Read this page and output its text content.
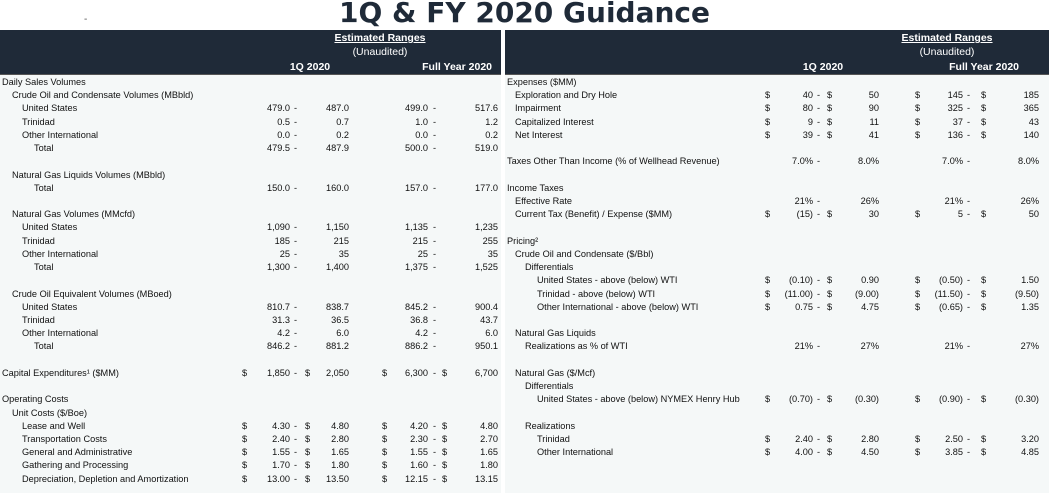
1Q & FY 2020 Guidance
-
Estimated Ranges
(Unaudited)
1Q 2020	Full Year 2020
Daily Sales Volumes
Crude Oil and Condensate Volumes (MBbld)
United States	479.0 -	487.0	499.0 -	517.6
Trinidad	0.5 -	0.7	1.0 -	1.2
Other International	0.0 -	0.2	0.0 -	0.2
Total	479.5 -	487.9	500.0 -	519.0
Natural Gas Liquids Volumes (MBbld)
Total	150.0 -	160.0	157.0 -	177.0
Natural Gas Volumes (MMcfd)
United States	1,090 -	1,150	1,135 -	1,235
Trinidad	185 -	215	215 -	255
Other International	25 -	35	25 -	35
Total	1,300 -	1,400	1,375 -	1,525
Crude Oil Equivalent Volumes (MBoed)
United States	810.7 -	838.7	845.2 -	900.4
Trinidad	31.3 -	36.5	36.8 -	43.7
Other International	4.2 -	6.0	4.2 -	6.0
Total	846.2 -	881.2	886.2 -	950.1
Capital Expenditures¹ ($MM)	$	1,850 - $	2,050	$	6,300 - $	6,700
Operating Costs
Unit Costs ($/Boe)
Lease and Well	$	4.30 - $	4.80	$	4.20 - $	4.80
Transportation Costs	$	2.40 - $	2.80	$	2.30 - $	2.70
General and Administrative	$	1.55 - $	1.65	$	1.55 - $	1.65
Gathering and Processing	$	1.70 - $	1.80	$	1.60 - $	1.80
Depreciation, Depletion and Amortization	$	13.00 - $	13.50	$	12.15 - $	13.15
Estimated Ranges
(Unaudited)
1Q 2020	Full Year 2020
Expenses ($MM)
Exploration and Dry Hole	$	40 - $	50	$	145 - $	185
Impairment	$	80 - $	90	$	325 - $	365
Capitalized Interest	$	9 - $	11	$	37 - $	43
Net Interest	$	39 - $	41	$	136 - $	140
Taxes Other Than Income (% of Wellhead Revenue)	7.0% -	8.0%	7.0% -	8.0%
Income Taxes
Effective Rate	21% -	26%	21% -	26%
Current Tax (Benefit) / Expense ($MM)	$	(15) - $	30	$	5 - $	50
Pricing²
Crude Oil and Condensate ($/Bbl)
Differentials
United States - above (below) WTI	$	(0.10) - $	0.90	$	(0.50) - $	1.50
Trinidad - above (below) WTI	$	(11.00) - $	(9.00)	$	(11.50) - $	(9.50)
Other International - above (below) WTI	$	0.75 - $	4.75	$	(0.65) - $	1.35
Natural Gas Liquids
Realizations as % of WTI	21% -	27%	21% -	27%
Natural Gas ($/Mcf)
Differentials
United States - above (below) NYMEX Henry Hub	$	(0.70) - $	(0.30)	$	(0.90) - $	(0.30)
Realizations
Trinidad	$	2.40 - $	2.80	$	2.50 - $	3.20
Other International	$	4.00 - $	4.50	$	3.85 - $	4.85
